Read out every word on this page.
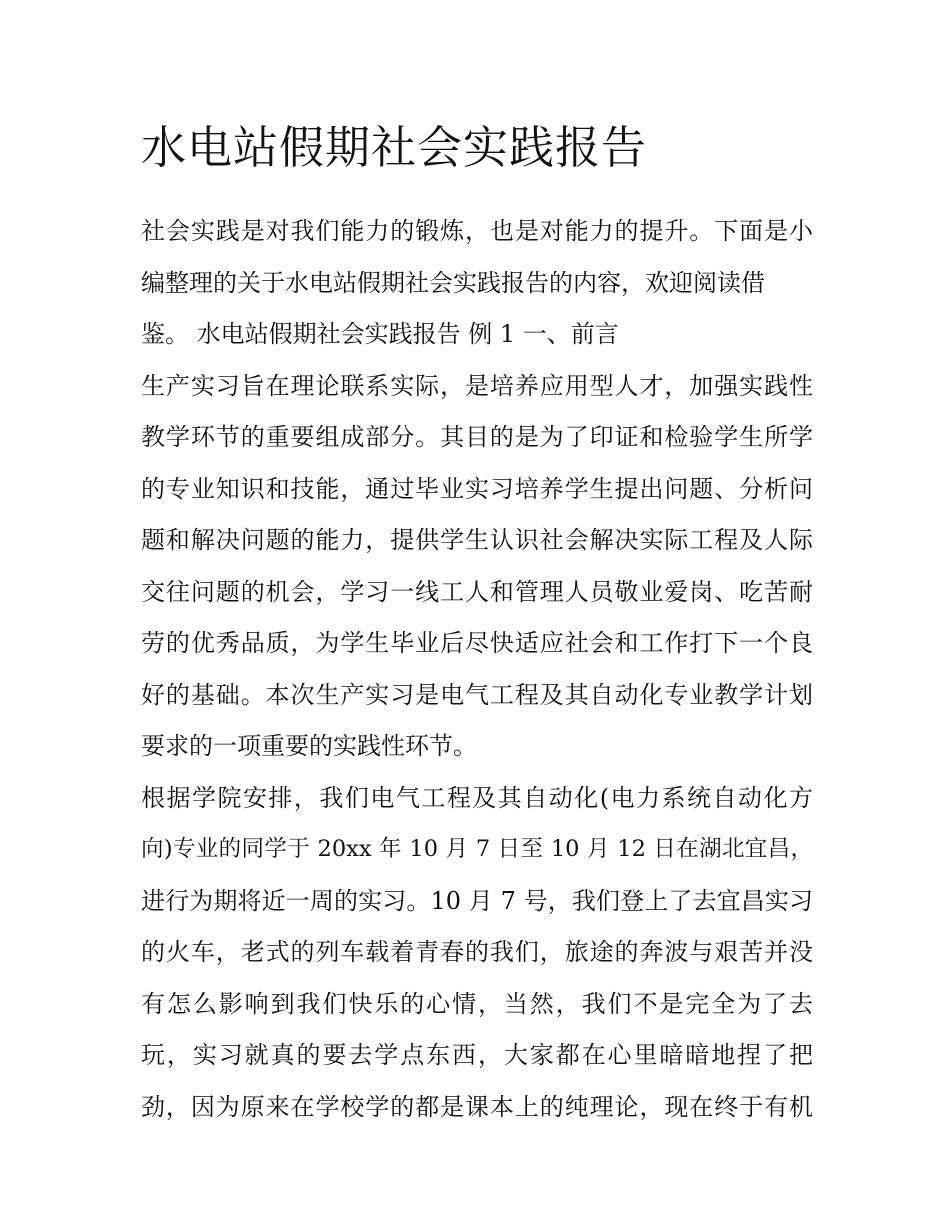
水电站假期社会实践报告
社会实践是对我们能力的锻炼，也是对能力的提升。下面是小
编整理的关于水电站假期社会实践报告的内容，欢迎阅读借
鉴。 水电站假期社会实践报告 例 1 一、前言
生产实习旨在理论联系实际，是培养应用型人才，加强实践性
教学环节的重要组成部分。其目的是为了印证和检验学生所学
的专业知识和技能，通过毕业实习培养学生提出问题、分析问
题和解决问题的能力，提供学生认识社会解决实际工程及人际
交往问题的机会，学习一线工人和管理人员敬业爱岗、吃苦耐
劳的优秀品质，为学生毕业后尽快适应社会和工作打下一个良
好的基础。本次生产实习是电气工程及其自动化专业教学计划
要求的一项重要的实践性环节。
根据学院安排，我们电气工程及其自动化(电力系统自动化方
向)专业的同学于 20xx 年 10 月 7 日至 10 月 12 日在湖北宜昌，
进行为期将近一周的实习。10 月 7 号，我们登上了去宜昌实习
的火车，老式的列车载着青春的我们，旅途的奔波与艰苦并没
有怎么影响到我们快乐的心情，当然，我们不是完全为了去
玩，实习就真的要去学点东西，大家都在心里暗暗地捏了把
劲，因为原来在学校学的都是课本上的纯理论，现在终于有机
